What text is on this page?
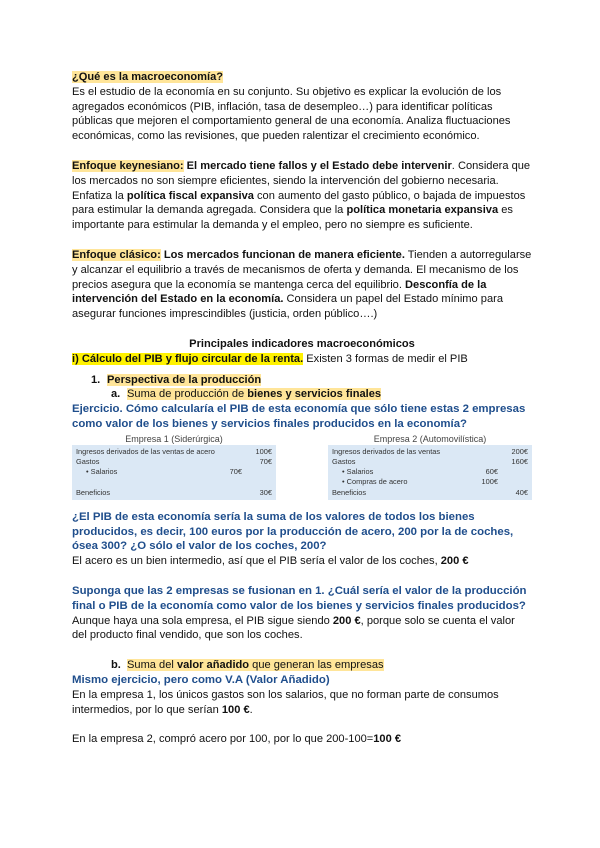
¿Qué es la macroeconomía?

Es el estudio de la economía en su conjunto. Su objetivo es explicar la evolución de los agregados económicos (PIB, inflación, tasa de desempleo…) para identificar políticas públicas que mejoren el comportamiento general de una economía. Analiza fluctuaciones económicas, como las revisiones, que pueden ralentizar el crecimiento económico.

Enfoque keynesiano: El mercado tiene fallos y el Estado debe intervenir. Considera que los mercados no son siempre eficientes, siendo la intervención del gobierno necesaria. Enfatiza la política fiscal expansiva con aumento del gasto público, o bajada de impuestos para estimular la demanda agregada. Considera que la política monetaria expansiva es importante para estimular la demanda y el empleo, pero no siempre es suficiente.

Enfoque clásico: Los mercados funcionan de manera eficiente. Tienden a autorregularse y alcanzar el equilibrio a través de mecanismos de oferta y demanda. El mecanismo de los precios asegura que la economía se mantenga cerca del equilibrio. Desconfía de la intervención del Estado en la economía. Considera un papel del Estado mínimo para asegurar funciones imprescindibles (justicia, orden público….)

Principales indicadores macroeconómicos

i) Cálculo del PIB y flujo circular de la renta. Existen 3 formas de medir el PIB

1. Perspectiva de la producción

a. Suma de producción de bienes y servicios finales

Ejercicio. Cómo calcularía el PIB de esta economía que sólo tiene estas 2 empresas como valor de los bienes y servicios finales producidos en la economía?

Empresa 1 (Siderúrgica)
Ingresos derivados de las ventas de acero	100€
Gastos	70€
• Salarios	70€

Beneficios	30€
Empresa 2 (Automovilística)
Ingresos derivados de las ventas	200€
Gastos	160€
• Salarios	60€
• Compras de acero	100€
Beneficios	40€

¿El PIB de esta economía sería la suma de los valores de todos los bienes producidos, es decir, 100 euros por la producción de acero, 200 por la de coches, ósea 300? ¿O sólo el valor de los coches, 200?

El acero es un bien intermedio, así que el PIB sería el valor de los coches, 200 €

Suponga que las 2 empresas se fusionan en 1. ¿Cuál sería el valor de la producción final o PIB de la economía como valor de los bienes y servicios finales producidos?

Aunque haya una sola empresa, el PIB sigue siendo 200 €, porque solo se cuenta el valor del producto final vendido, que son los coches.

b. Suma del valor añadido que generan las empresas

Mismo ejercicio, pero como V.A (Valor Añadido)

En la empresa 1, los únicos gastos son los salarios, que no forman parte de consumos intermedios, por lo que serían 100 €.

En la empresa 2, compró acero por 100, por lo que 200-100=100 €
